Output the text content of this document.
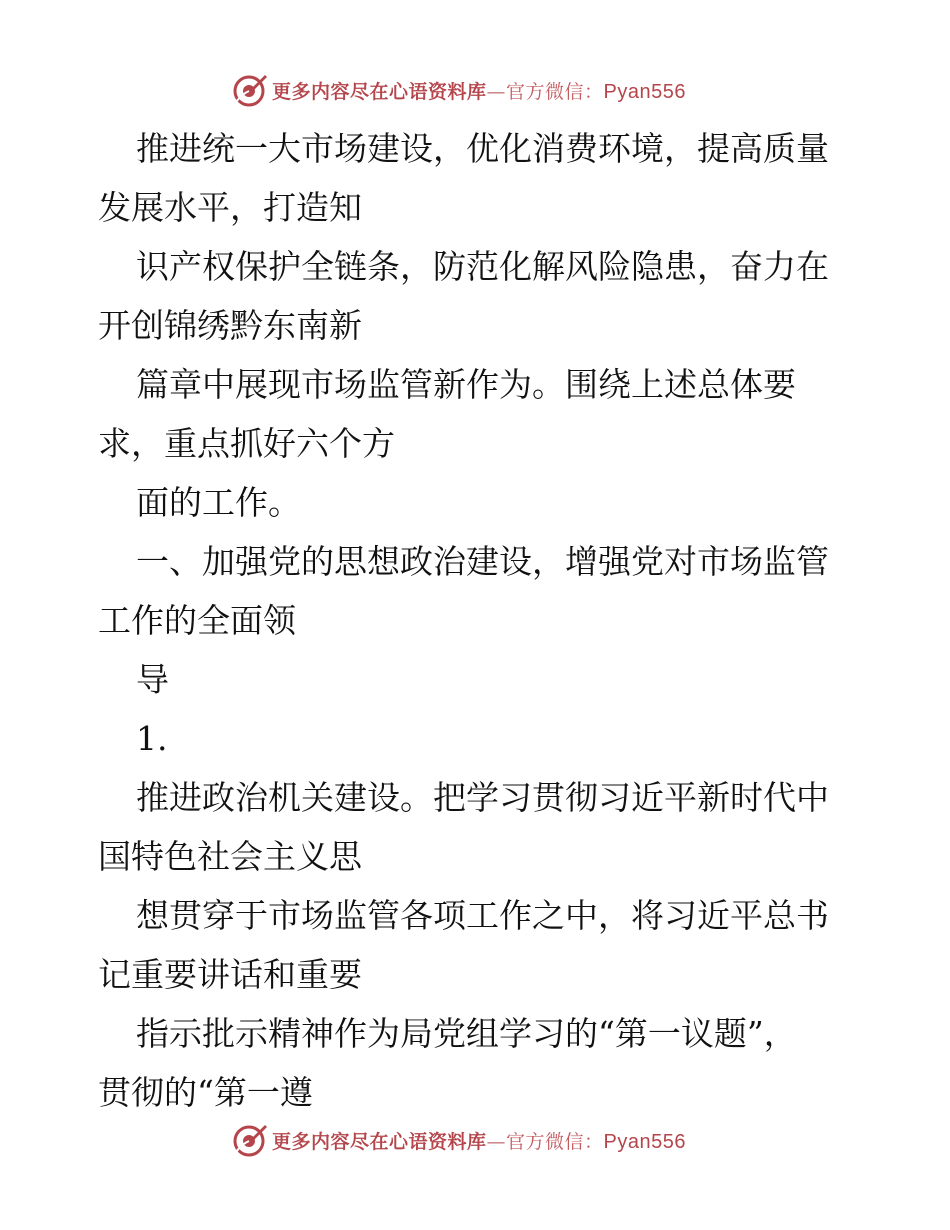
更多内容尽在心语资料库—官方微信：Pyan556
推进统一大市场建设，优化消费环境，提高质量
发展水平，打造知
识产权保护全链条，防范化解风险隐患，奋力在
开创锦绣黔东南新
篇章中展现市场监管新作为。围绕上述总体要
求，重点抓好六个方
面的工作。
一、加强党的思想政治建设，增强党对市场监管
工作的全面领
导
1.
推进政治机关建设。把学习贯彻习近平新时代中
国特色社会主义思
想贯穿于市场监管各项工作之中，将习近平总书
记重要讲话和重要
指示批示精神作为局党组学习的“第一议题”，
贯彻的“第一遵
更多内容尽在心语资料库—官方微信：Pyan556
